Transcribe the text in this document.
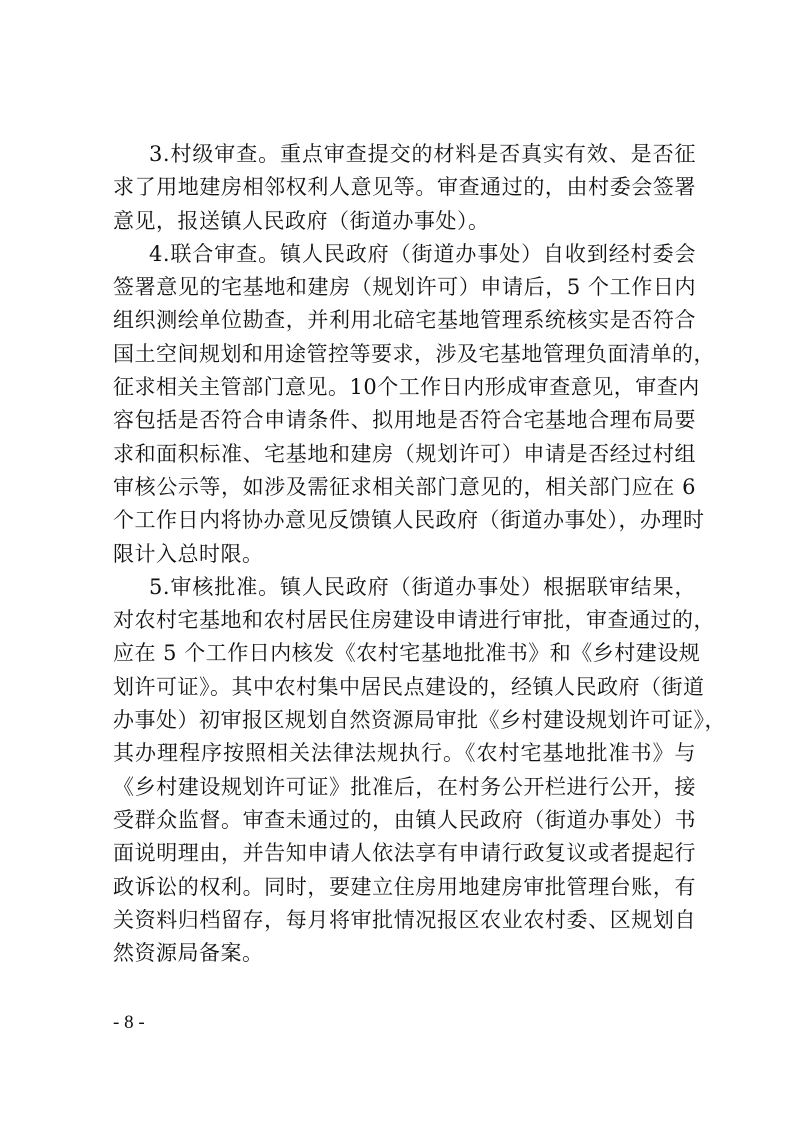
3.村级审查。重点审查提交的材料是否真实有效、是否征
求了用地建房相邻权利人意见等。审查通过的，由村委会签署
意见，报送镇人民政府（街道办事处）。

4.联合审查。镇人民政府（街道办事处）自收到经村委会
签署意见的宅基地和建房（规划许可）申请后，5 个工作日内
组织测绘单位勘查，并利用北碚宅基地管理系统核实是否符合
国土空间规划和用途管控等要求，涉及宅基地管理负面清单的，
征求相关主管部门意见。10个工作日内形成审查意见，审查内
容包括是否符合申请条件、拟用地是否符合宅基地合理布局要
求和面积标准、宅基地和建房（规划许可）申请是否经过村组
审核公示等，如涉及需征求相关部门意见的，相关部门应在 6
个工作日内将协办意见反馈镇人民政府（街道办事处），办理时
限计入总时限。

5.审核批准。镇人民政府（街道办事处）根据联审结果，
对农村宅基地和农村居民住房建设申请进行审批，审查通过的，
应在 5 个工作日内核发《农村宅基地批准书》和《乡村建设规
划许可证》。其中农村集中居民点建设的，经镇人民政府（街道
办事处）初审报区规划自然资源局审批《乡村建设规划许可证》，
其办理程序按照相关法律法规执行。《农村宅基地批准书》与
《乡村建设规划许可证》批准后，在村务公开栏进行公开，接
受群众监督。审查未通过的，由镇人民政府（街道办事处）书
面说明理由，并告知申请人依法享有申请行政复议或者提起行
政诉讼的权利。同时，要建立住房用地建房审批管理台账，有
关资料归档留存，每月将审批情况报区农业农村委、区规划自
然资源局备案。

- 8 -
